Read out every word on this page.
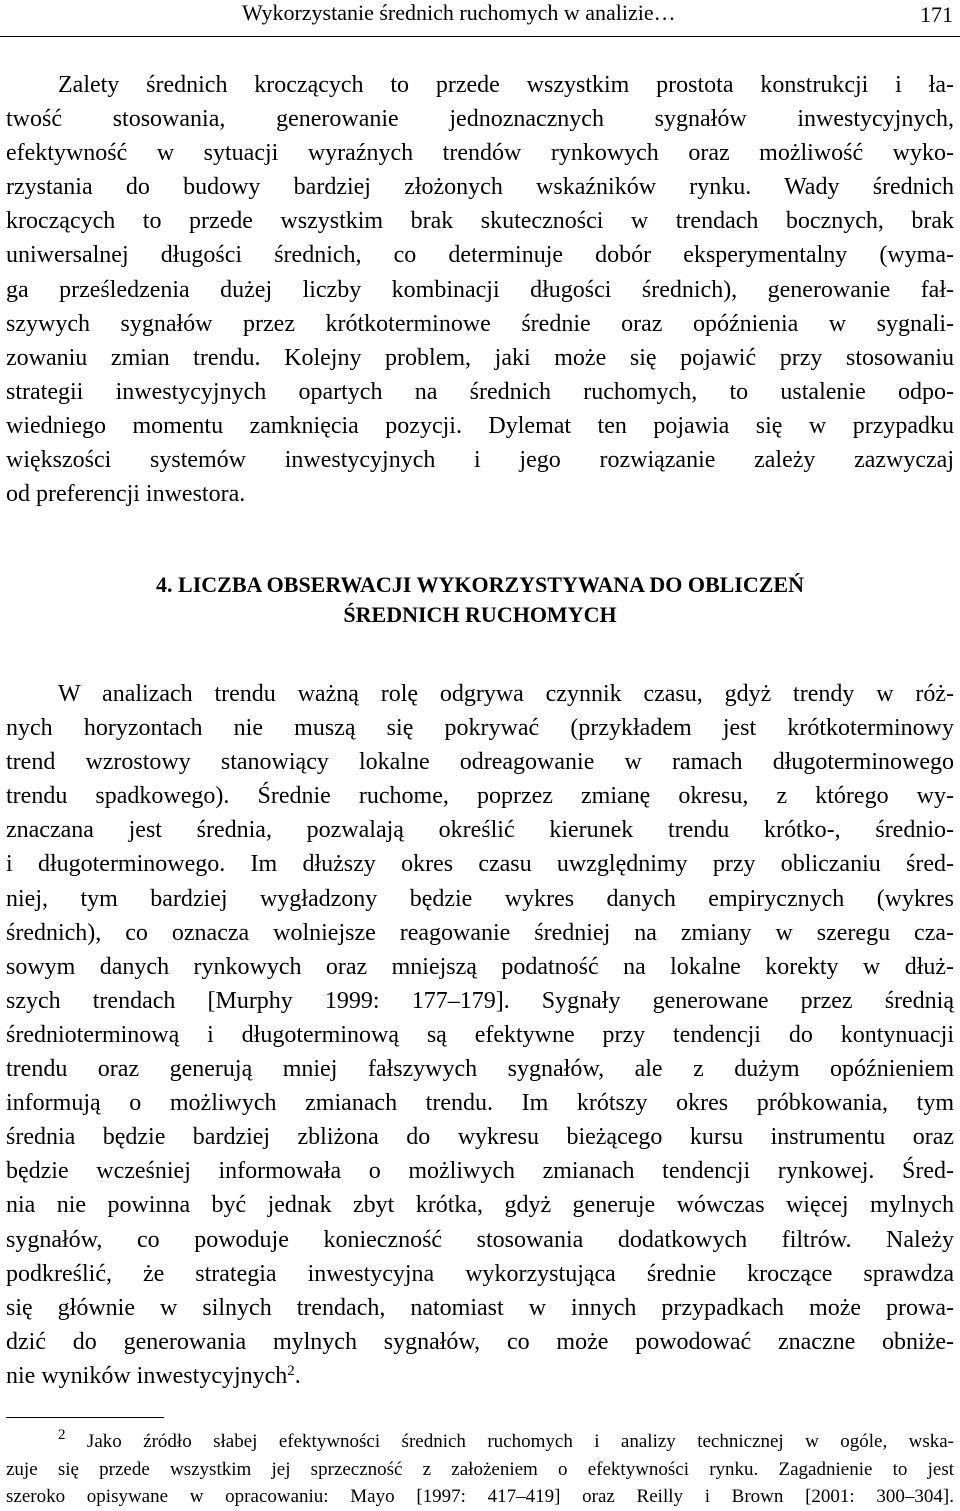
Wykorzystanie średnich ruchomych w analizie…	171

Zalety średnich kroczących to przede wszystkim prostota konstrukcji i ła-
twość stosowania, generowanie jednoznacznych sygnałów inwestycyjnych,
efektywność w sytuacji wyraźnych trendów rynkowych oraz możliwość wyko-
rzystania do budowy bardziej złożonych wskaźników rynku. Wady średnich
kroczących to przede wszystkim brak skuteczności w trendach bocznych, brak
uniwersalnej długości średnich, co determinuje dobór eksperymentalny (wyma-
ga prześledzenia dużej liczby kombinacji długości średnich), generowanie fał-
szywych sygnałów przez krótkoterminowe średnie oraz opóźnienia w sygnali-
zowaniu zmian trendu. Kolejny problem, jaki może się pojawić przy stosowaniu
strategii inwestycyjnych opartych na średnich ruchomych, to ustalenie odpo-
wiedniego momentu zamknięcia pozycji. Dylemat ten pojawia się w przypadku
większości systemów inwestycyjnych i jego rozwiązanie zależy zazwyczaj
od preferencji inwestora.

4. LICZBA OBSERWACJI WYKORZYSTYWANA DO OBLICZEŃ
ŚREDNICH RUCHOMYCH

W analizach trendu ważną rolę odgrywa czynnik czasu, gdyż trendy w róż-
nych horyzontach nie muszą się pokrywać (przykładem jest krótkoterminowy
trend wzrostowy stanowiący lokalne odreagowanie w ramach długoterminowego
trendu spadkowego). Średnie ruchome, poprzez zmianę okresu, z którego wy-
znaczana jest średnia, pozwalają określić kierunek trendu krótko-, średnio-
i długoterminowego. Im dłuższy okres czasu uwzględnimy przy obliczaniu śred-
niej, tym bardziej wygładzony będzie wykres danych empirycznych (wykres
średnich), co oznacza wolniejsze reagowanie średniej na zmiany w szeregu cza-
sowym danych rynkowych oraz mniejszą podatność na lokalne korekty w dłuż-
szych trendach [Murphy 1999: 177–179]. Sygnały generowane przez średnią
średnioterminową i długoterminową są efektywne przy tendencji do kontynuacji
trendu oraz generują mniej fałszywych sygnałów, ale z dużym opóźnieniem
informują o możliwych zmianach trendu. Im krótszy okres próbkowania, tym
średnia będzie bardziej zbliżona do wykresu bieżącego kursu instrumentu oraz
będzie wcześniej informowała o możliwych zmianach tendencji rynkowej. Śred-
nia nie powinna być jednak zbyt krótka, gdyż generuje wówczas więcej mylnych
sygnałów, co powoduje konieczność stosowania dodatkowych filtrów. Należy
podkreślić, że strategia inwestycyjna wykorzystująca średnie kroczące sprawdza
się głównie w silnych trendach, natomiast w innych przypadkach może prowa-
dzić do generowania mylnych sygnałów, co może powodować znaczne obniże-
nie wyników inwestycyjnych$^2$.

$^2$ Jako źródło słabej efektywności średnich ruchomych i analizy technicznej w ogóle, wska-
zuje się przede wszystkim jej sprzeczność z założeniem o efektywności rynku. Zagadnienie to jest
szeroko opisywane w opracowaniu: Mayo [1997: 417–419] oraz Reilly i Brown [2001: 300–304].
